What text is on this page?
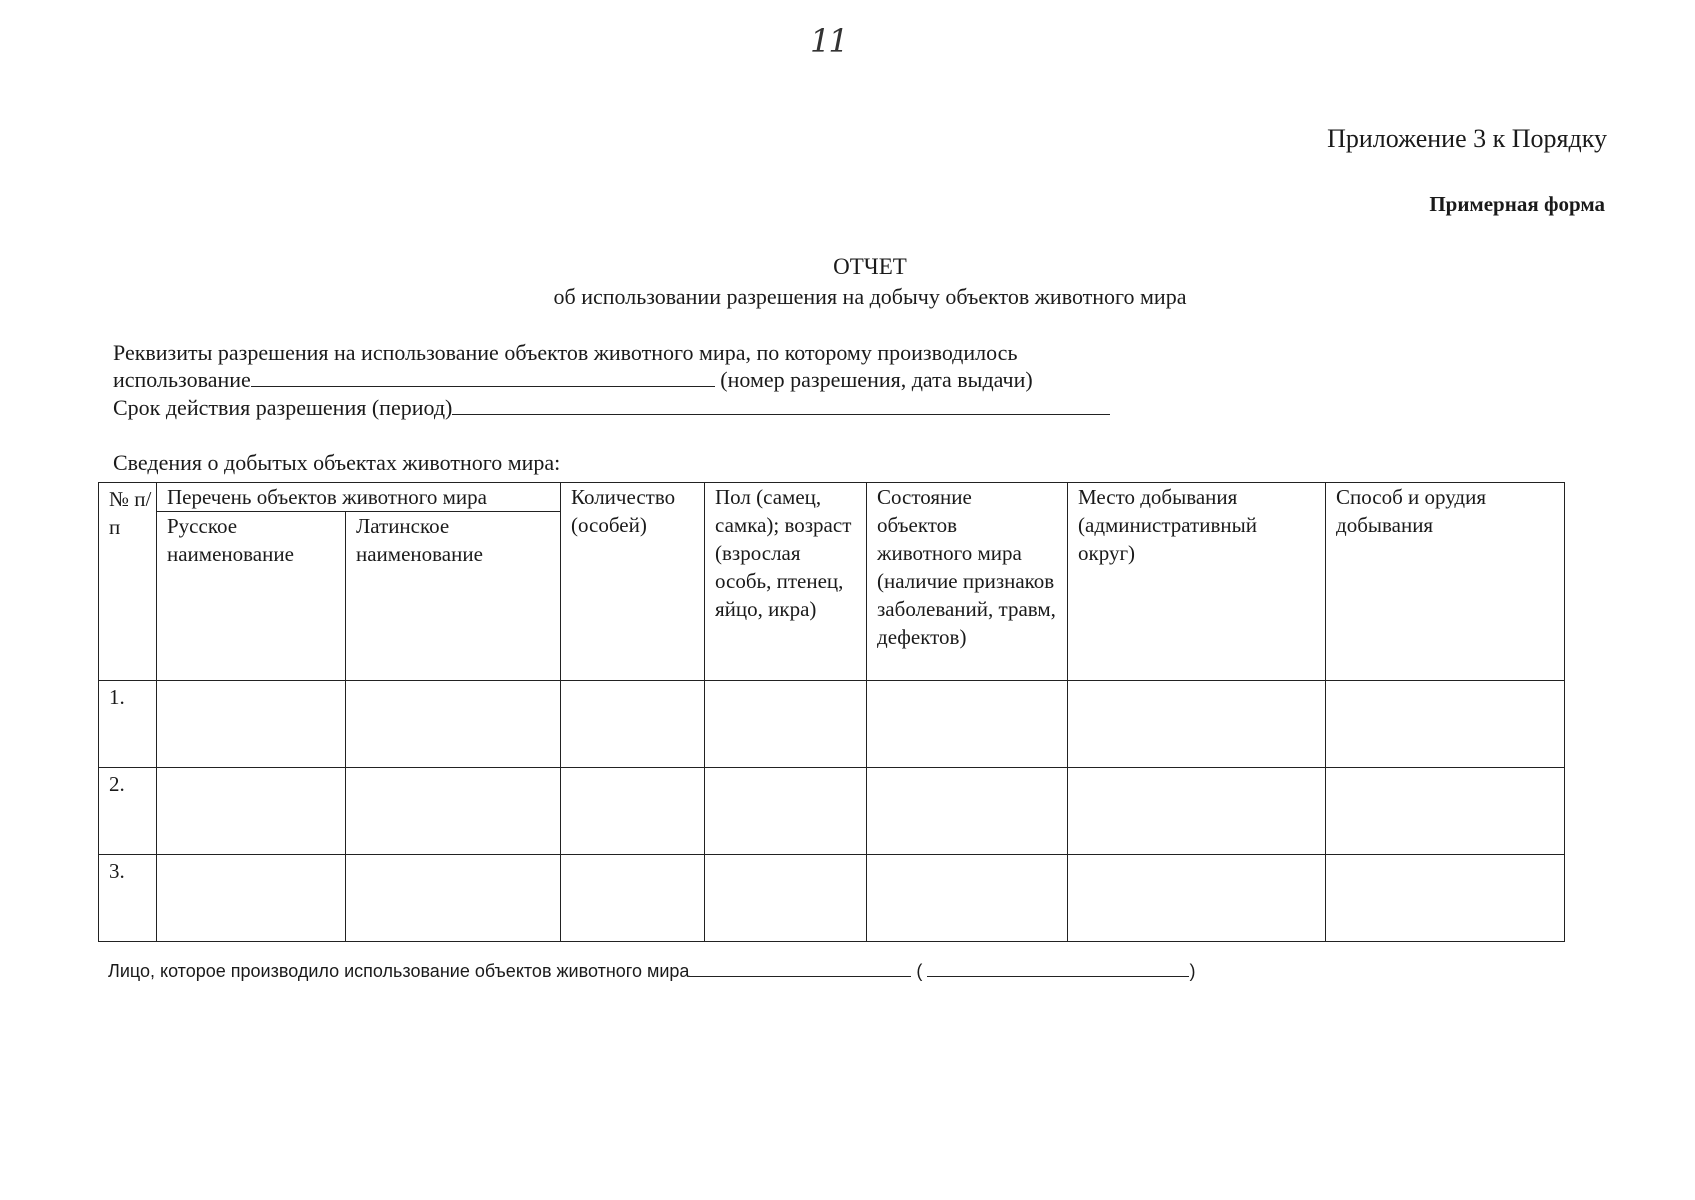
11
Приложение 3 к Порядку
Примерная форма
ОТЧЕТ
об использовании разрешения на добычу объектов животного мира
Реквизиты разрешения на использование объектов животного мира, по которому производилось
использование	(номер разрешения, дата выдачи)
Срок действия разрешения (период)
Сведения о добытых объектах животного мира:
№ п/п	Перечень объектов животного мира		Количество (особей)	Пол (самец, самка); возраст (взрослая особь, птенец, яйцо, икра)	Состояние объектов животного мира (наличие признаков заболеваний, травм, дефектов)	Место добывания (административный округ)	Способ и орудия добывания
	Русское наименование	Латинское наименование					
1.							
2.							
3.							
Лицо, которое производило использование объектов животного мира	(	)
